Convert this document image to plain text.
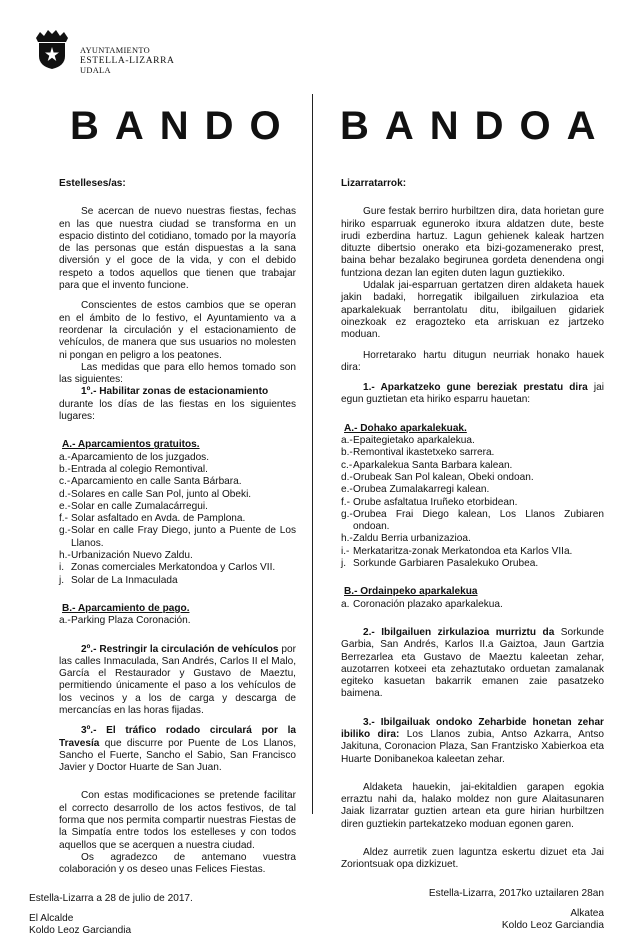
AYUNTAMIENTO
ESTELLA-LIZARRA
UDALA
BANDO BANDOA

Estelleses/as:

Se acercan de nuevo nuestras fiestas, fechas en las que nuestra ciudad se transforma en un espacio distinto del cotidiano, tomado por la mayoría de las personas que están dispuestas a la sana diversión y el goce de la vida, y con el debido respeto a todos aquellos que tienen que trabajar para que el invento funcione.

Conscientes de estos cambios que se operan en el ámbito de lo festivo, el Ayuntamiento va a reordenar la circulación y el estacionamiento de vehículos, de manera que sus usuarios no molesten ni pongan en peligro a los peatones.

Las medidas que para ello hemos tomado son las siguientes:

1º.- Habilitar zonas de estacionamiento

durante los días de las fiestas en los siguientes lugares:

A.- Aparcamientos gratuitos.

a.- Aparcamiento de los juzgados.
b.- Entrada al colegio Remontival.
c.- Aparcamiento en calle Santa Bárbara.
d.- Solares en calle San Pol, junto al Obeki.
e.- Solar en calle Zumalacárregui.
f.- Solar asfaltado en Avda. de Pamplona.
g.- Solar en calle Fray Diego, junto a Puente de Los Llanos.
h.- Urbanización Nuevo Zaldu.
i. Zonas comerciales Merkatondoa y Carlos VII.
j. Solar de La Inmaculada

B.- Aparcamiento de pago.

a.- Parking Plaza Coronación.

2º.- Restringir la circulación de vehículos por las calles Inmaculada, San Andrés, Carlos II el Malo, García el Restaurador y Gustavo de Maeztu, permitiendo únicamente el paso a los vehículos de los vecinos y a los de carga y descarga de mercancías en las horas fijadas.

3º.- El tráfico rodado circulará por la Travesía que discurre por Puente de Los Llanos, Sancho el Fuerte, Sancho el Sabio, San Francisco Javier y Doctor Huarte de San Juan.

Con estas modificaciones se pretende facilitar el correcto desarrollo de los actos festivos, de tal forma que nos permita compartir nuestras Fiestas de la Simpatía entre todos los estelleses y con todos aquellos que se acerquen a nuestra ciudad.

Os agradezco de antemano vuestra colaboración y os deseo unas Felices Fiestas.

Estella-Lizarra a 28 de julio de 2017.

El Alcalde

Koldo Leoz Garciandia

Lizarratarrok:

Gure festak berriro hurbiltzen dira, data horietan gure hiriko esparruak eguneroko itxura aldatzen dute, beste irudi ezberdina hartuz. Lagun gehienek kaleak hartzen dituzte dibertsio onerako eta bizi-gozamenerako prest, baina behar bezalako begirunea gordeta denendena ongi funtziona dezan lan egiten duten lagun guztiekiko.

Udalak jai-esparruan gertatzen diren aldaketa hauek jakin badaki, horregatik ibilgailuen zirkulazioa eta aparkalekuak berrantolatu ditu, ibilgailuen gidariek oinezkoak ez eragozteko eta arriskuan ez jartzeko moduan.

Horretarako hartu ditugun neurriak honako hauek dira:

1.- Aparkatzeko gune bereziak prestatu dira jai egun guztietan eta hiriko esparru hauetan:

A.- Dohako aparkalekuak.

a.- Epaitegietako aparkalekua.
b.- Remontival ikastetxeko sarrera.
c.- Aparkalekua Santa Barbara kalean.
d.- Orubeak San Pol kalean, Obeki ondoan.
e.- Orubea Zumalakarregi kalean.
f.- Orube asfaltatua Iruñeko etorbidean.
g.- Orubea Frai Diego kalean, Los Llanos Zubiaren ondoan.
h.- Zaldu Berria urbanizazioa.
i.- Merkataritza-zonak Merkatondoa eta Karlos VIIa.
j. Sorkunde Garbiaren Pasalekuko Orubea.

B.- Ordainpeko aparkalekua

a. Coronación plazako aparkalekua.

2.- Ibilgailuen zirkulazioa murriztu da Sorkunde Garbia, San Andrés, Karlos II.a Gaiztoa, Jaun Gartzia Berrezarlea eta Gustavo de Maeztu kaleetan zehar, auzotarren kotxeei eta zehaztutako orduetan zamalanak egiteko kasuetan bakarrik emanen zaie pasatzeko baimena.

3.- Ibilgailuak ondoko Zeharbide honetan zehar ibiliko dira: Los Llanos zubia, Antso Azkarra, Antso Jakituna, Coronacion Plaza, San Frantzisko Xabierkoa eta Huarte Donibanekoa kaleetan zehar.

Aldaketa hauekin, jai-ekitaldien garapen egokia erraztu nahi da, halako moldez non gure Alaitasunaren Jaiak lizarratar guztien artean eta gure hirian hurbiltzen diren guztiekin partekatzeko moduan egonen garen.

Aldez aurretik zuen laguntza eskertu dizuet eta Jai Zoriontsuak opa dizkizuet.

Estella-Lizarra, 2017ko uztailaren 28an

Alkatea

Koldo Leoz Garciandia
